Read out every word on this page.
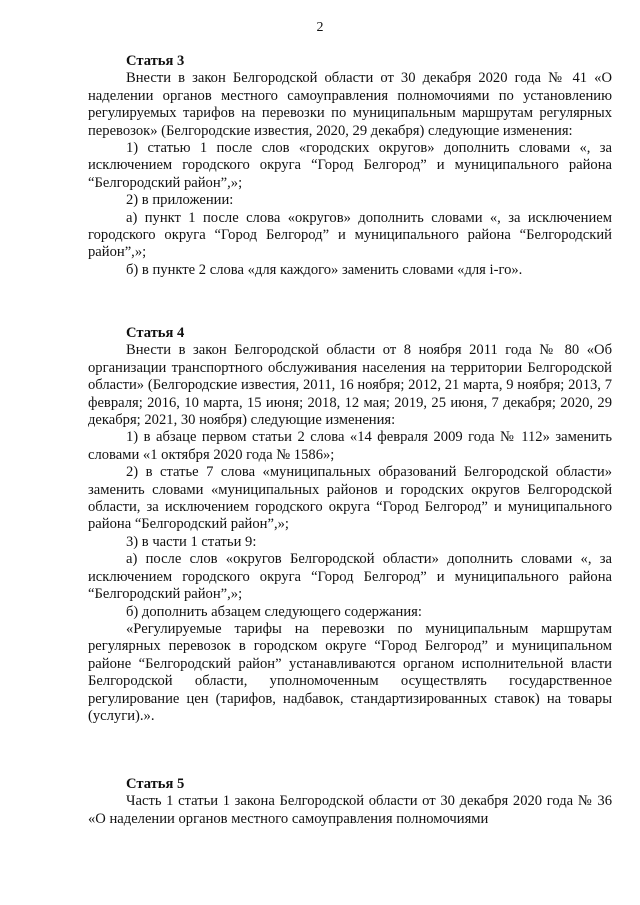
2

Статья 3

Внести в закон Белгородской области от 30 декабря 2020 года № 41 «О наделении органов местного самоуправления полномочиями по установлению регулируемых тарифов на перевозки по муниципальным маршрутам регулярных перевозок» (Белгородские известия, 2020, 29 декабря) следующие изменения:

1) статью 1 после слов «городских округов» дополнить словами «, за исключением городского округа “Город Белгород” и муниципального района “Белгородский район”,»;

2) в приложении:

а) пункт 1 после слова «округов» дополнить словами «, за исключением городского округа “Город Белгород” и муниципального района “Белгородский район”,»;

б) в пункте 2 слова «для каждого» заменить словами «для i-го».

Статья 4

Внести в закон Белгородской области от 8 ноября 2011 года № 80 «Об организации транспортного обслуживания населения на территории Белгородской области» (Белгородские известия, 2011, 16 ноября; 2012, 21 марта, 9 ноября; 2013, 7 февраля; 2016, 10 марта, 15 июня; 2018, 12 мая; 2019, 25 июня, 7 декабря; 2020, 29 декабря; 2021, 30 ноября) следующие изменения:

1) в абзаце первом статьи 2 слова «14 февраля 2009 года № 112» заменить словами «1 октября 2020 года № 1586»;

2) в статье 7 слова «муниципальных образований Белгородской области» заменить словами «муниципальных районов и городских округов Белгородской области, за исключением городского округа “Город Белгород” и муниципального района “Белгородский район”,»;

3) в части 1 статьи 9:

а) после слов «округов Белгородской области» дополнить словами «, за исключением городского округа “Город Белгород” и муниципального района “Белгородский район”,»;

б) дополнить абзацем следующего содержания:

«Регулируемые тарифы на перевозки по муниципальным маршрутам регулярных перевозок в городском округе “Город Белгород” и муниципальном районе “Белгородский район” устанавливаются органом исполнительной власти Белгородской области, уполномоченным осуществлять государственное регулирование цен (тарифов, надбавок, стандартизированных ставок) на товары (услуги).».

Статья 5

Часть 1 статьи 1 закона Белгородской области от 30 декабря 2020 года № 36 «О наделении органов местного самоуправления полномочиями
